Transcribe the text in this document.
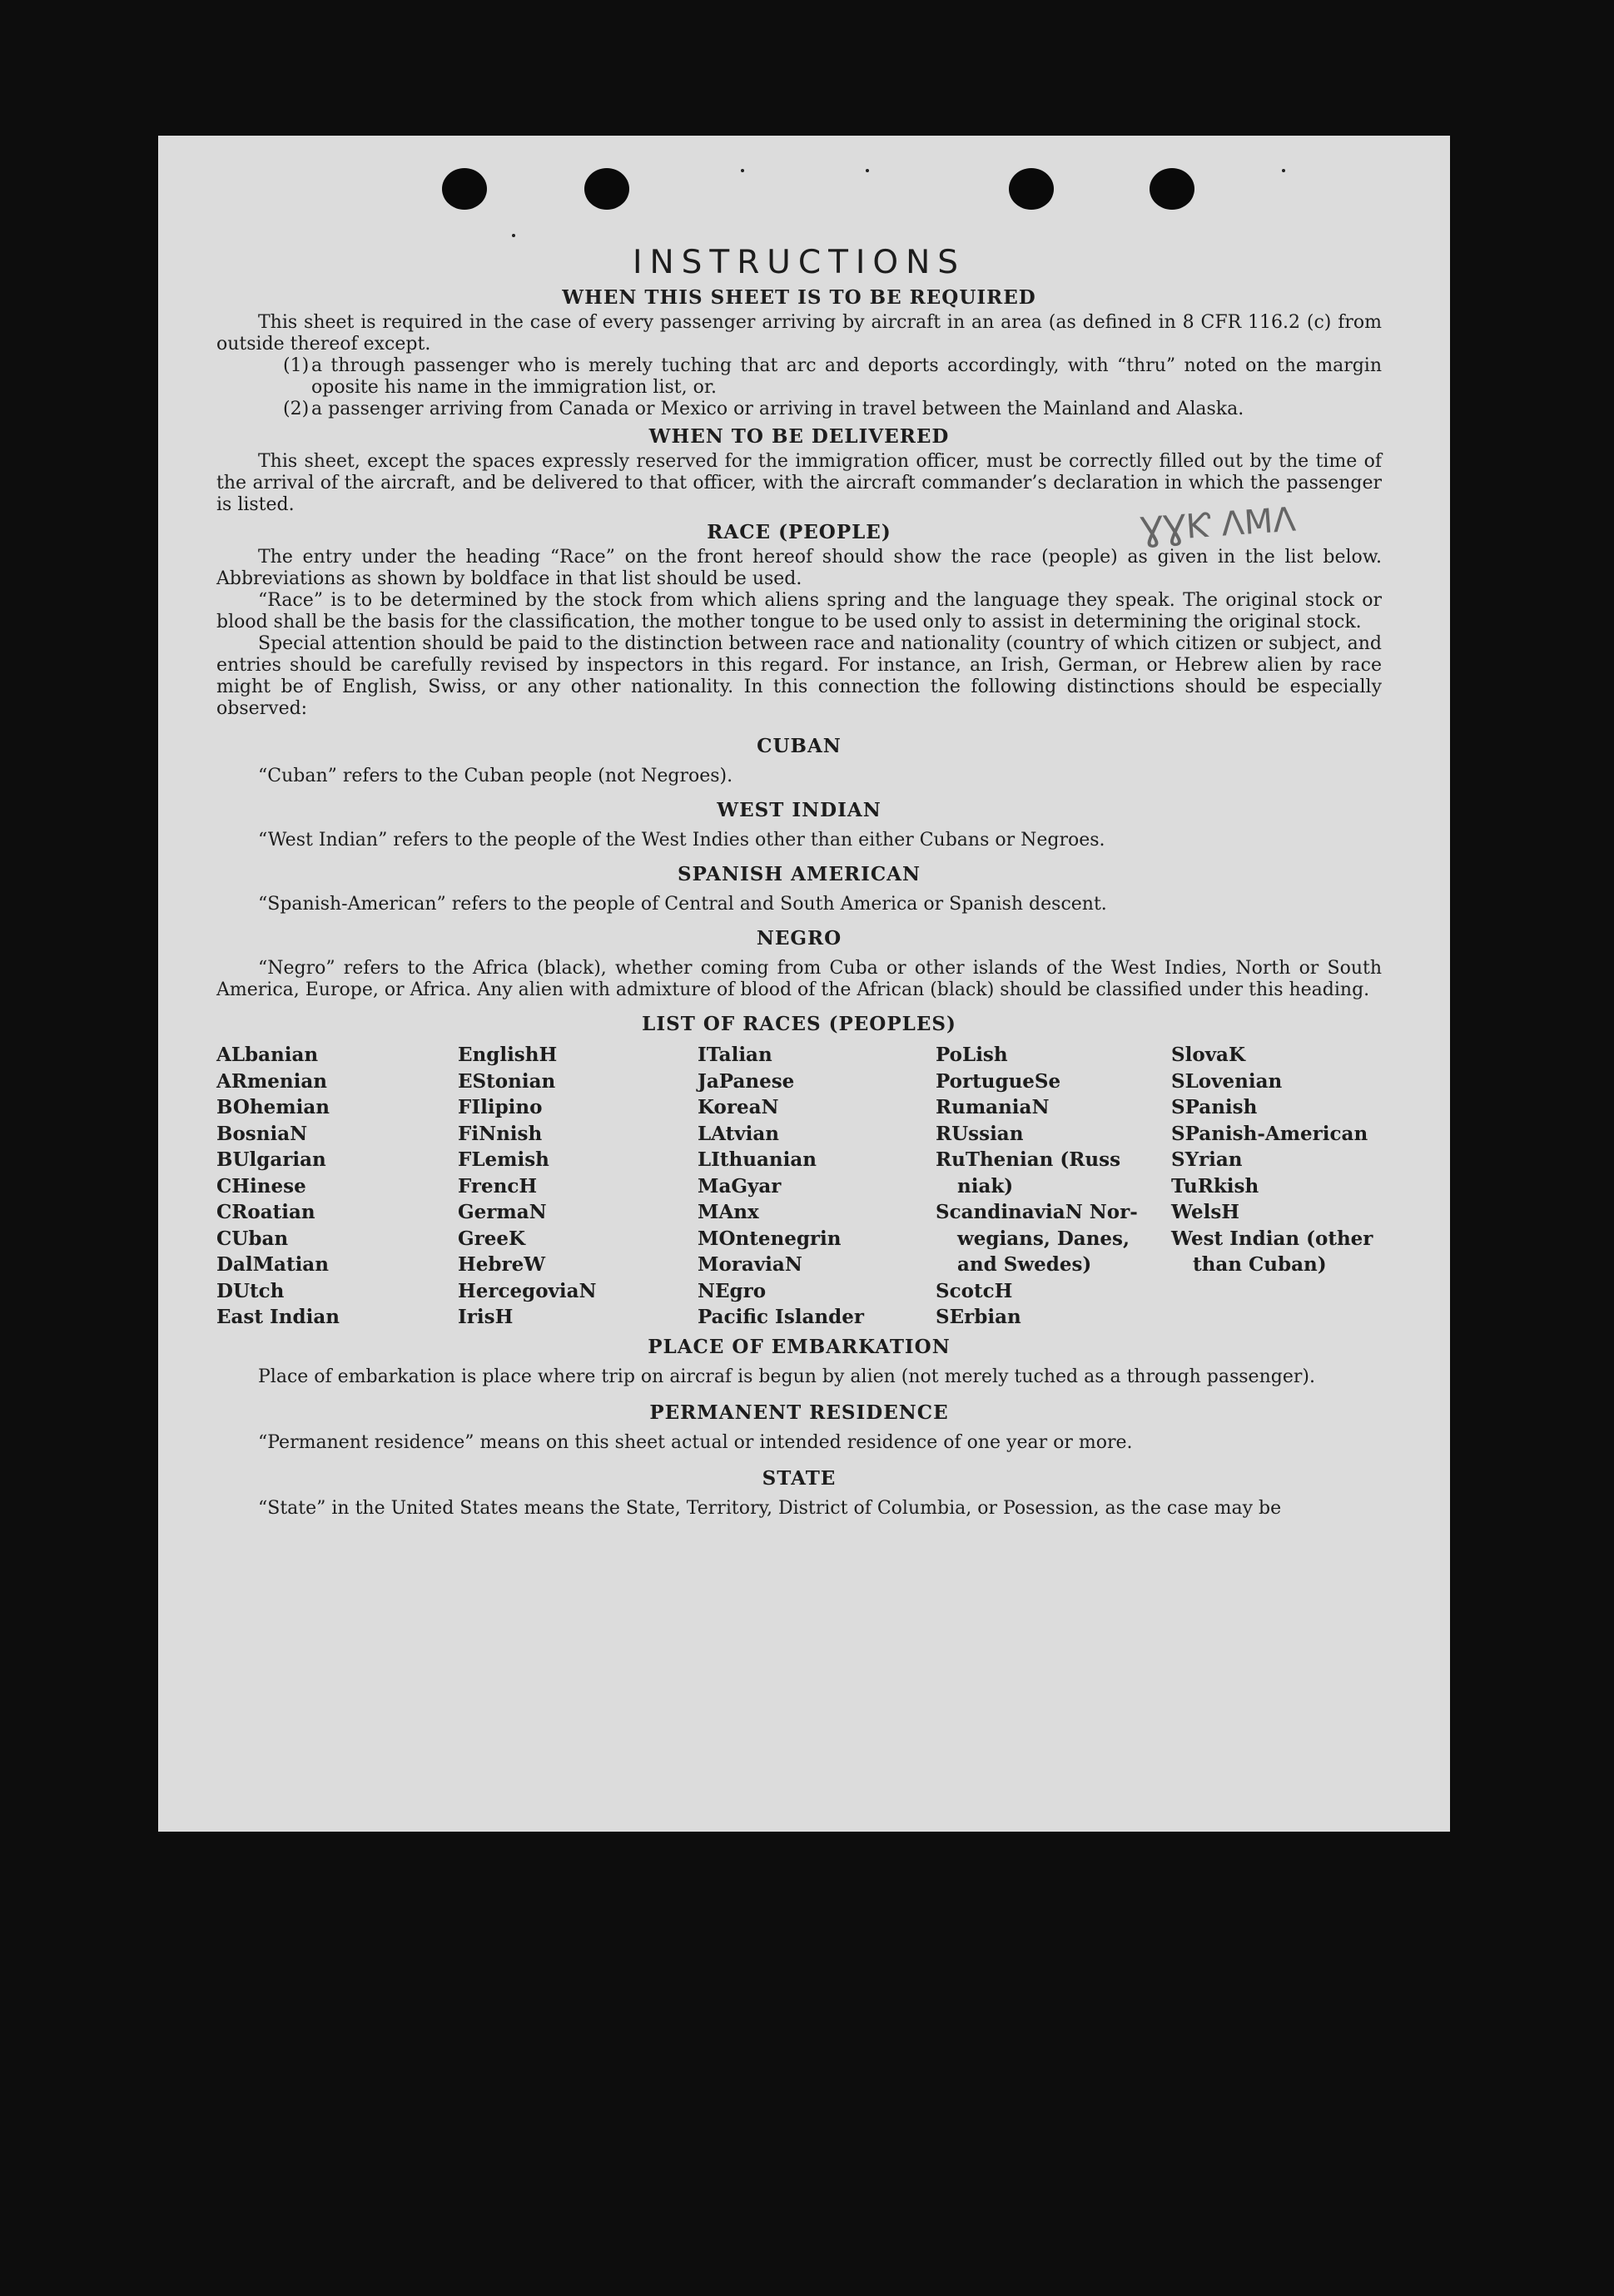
ƔƔƘ ΛΜΛ
INSTRUCTIONS
WHEN THIS SHEET IS TO BE REQUIRED

This sheet is required in the case of every passenger arriving by aircraft in an area (as defined in 8 CFR 116.2 (c) from outside thereof except.

(1) a through passenger who is merely tuching that arc and deports accordingly, with “thru” noted on the margin oposite his name in the immigration list, or.
(2) a passenger arriving from Canada or Mexico or arriving in travel between the Mainland and Alaska.
WHEN TO BE DELIVERED

This sheet, except the spaces expressly reserved for the immigration officer, must be correctly filled out by the time of the arrival of the aircraft, and be delivered to that officer, with the aircraft commander’s declaration in which the passenger is listed.

RACE (PEOPLE)

The entry under the heading “Race” on the front hereof should show the race (people) as given in the list below. Abbreviations as shown by boldface in that list should be used.

“Race” is to be determined by the stock from which aliens spring and the language they speak. The original stock or blood shall be the basis for the classification, the mother tongue to be used only to assist in determining the original stock.

Special attention should be paid to the distinction between race and nationality (country of which citizen or subject, and entries should be carefully revised by inspectors in this regard. For instance, an Irish, German, or Hebrew alien by race might be of English, Swiss, or any other nationality. In this connection the following distinctions should be especially observed:

CUBAN

“Cuban” refers to the Cuban people (not Negroes).

WEST INDIAN

“West Indian” refers to the people of the West Indies other than either Cubans or Negroes.

SPANISH AMERICAN

“Spanish-American” refers to the people of Central and South America or Spanish descent.

NEGRO

“Negro” refers to the Africa (black), whether coming from Cuba or other islands of the West Indies, North or South America, Europe, or Africa. Any alien with admixture of blood of the African (black) should be classified under this heading.

LIST OF RACES (PEOPLES)
ALbanian
ARmenian
BOhemian
BosniaN
BUlgarian
CHinese
CRoatian
CUban
DalMatian
DUtch
East Indian
EnglishH
EStonian
FIlipino
FiNnish
FLemish
FrencH
GermaN
GreeK
HebreW
HercegoviaN
IrisH
ITalian
JaPanese
KoreaN
LAtvian
LIthuanian
MaGyar
MAnx
MOntenegrin
MoraviaN
NEgro
Pacific Islander
PoLish
PortugueSe
RumaniaN
RUssian
RuThenian (Russ
niak)
ScandinaviaN Nor-
wegians, Danes,
and Swedes)
ScotcH
SErbian
SlovaK
SLovenian
SPanish
SPanish-American
SYrian
TuRkish
WelsH
West Indian (other
than Cuban)
PLACE OF EMBARKATION

Place of embarkation is place where trip on aircraf is begun by alien (not merely tuched as a through passenger).

PERMANENT RESIDENCE

“Permanent residence” means on this sheet actual or intended residence of one year or more.

STATE

“State” in the United States means the State, Territory, District of Columbia, or Posession, as the case may be
